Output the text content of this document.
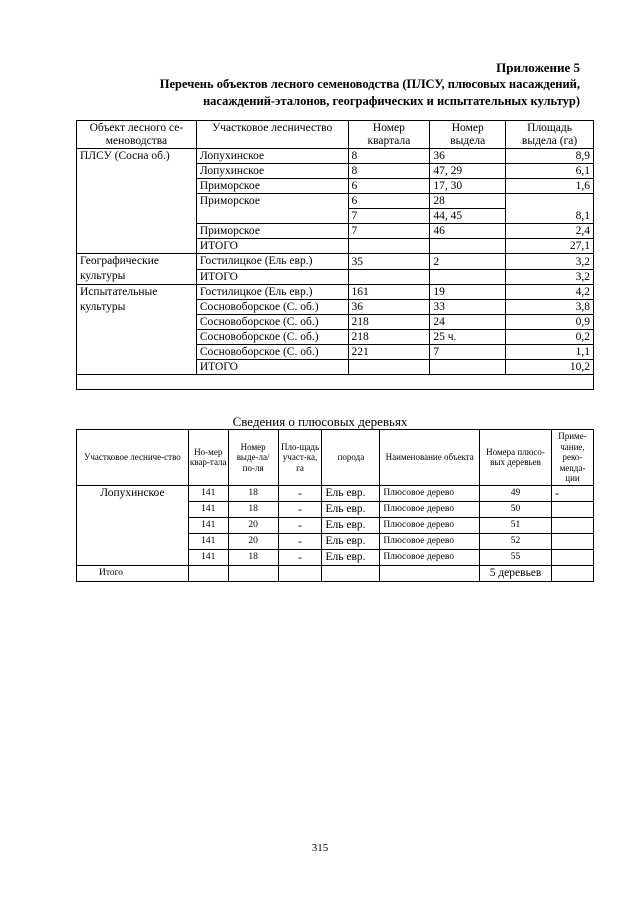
Приложение 5
Перечень объектов лесного семеноводства (ПЛСУ, плюсовых насаждений,
насаждений-эталонов, географических и испытательных культур)
Объект лесного се-меноводства	Участковое лесничество	Номер квартала	Номер выдела	Площадь выдела (га)
ПЛСУ (Сосна об.)	Лопухинское	8	36	8,9
	Лопухинское	8	47, 29	6,1
	Приморское	6	17, 30	1,6
	Приморское	6	28	8,1
		7	44, 45	
	Приморское	7	46	2,4
	ИТОГО			27,1
Географические культуры	Гостилицкое (Ель евр.)	35	2	3,2
	ИТОГО			3,2
Испытательные культуры	Гостилицкое (Ель евр.)	161	19	4,2
	Сосновоборское (С. об.)	36	33	3,8
	Сосновоборское (С. об.)	218	24	0,9
	Сосновоборское (С. об.)	218	25 ч.	0,2
	Сосновоборское (С. об.)	221	7	1,1
	ИТОГО			10,2

Сведения о плюсовых деревьях
Участковое лесниче-ство	Но-мер квар-тала	Номер выде-ла/ по-ля	Пло-щадь участ-ка, га	порода	Наименование объекта	Номера плюсо-вых деревьев	Приме-чание, реко-мenда-ции
Лопухинское	141	18	-	Ель евр.	Плюсовое дерево	49	-
	141	18	-	Ель евр.	Плюсовое дерево	50	
	141	20	-	Ель евр.	Плюсовое дерево	51	
	141	20	-	Ель евр.	Плюсовое дерево	52	
	141	18	-	Ель евр.	Плюсовое дерево	55	
Итого						5 деревьев	
315
